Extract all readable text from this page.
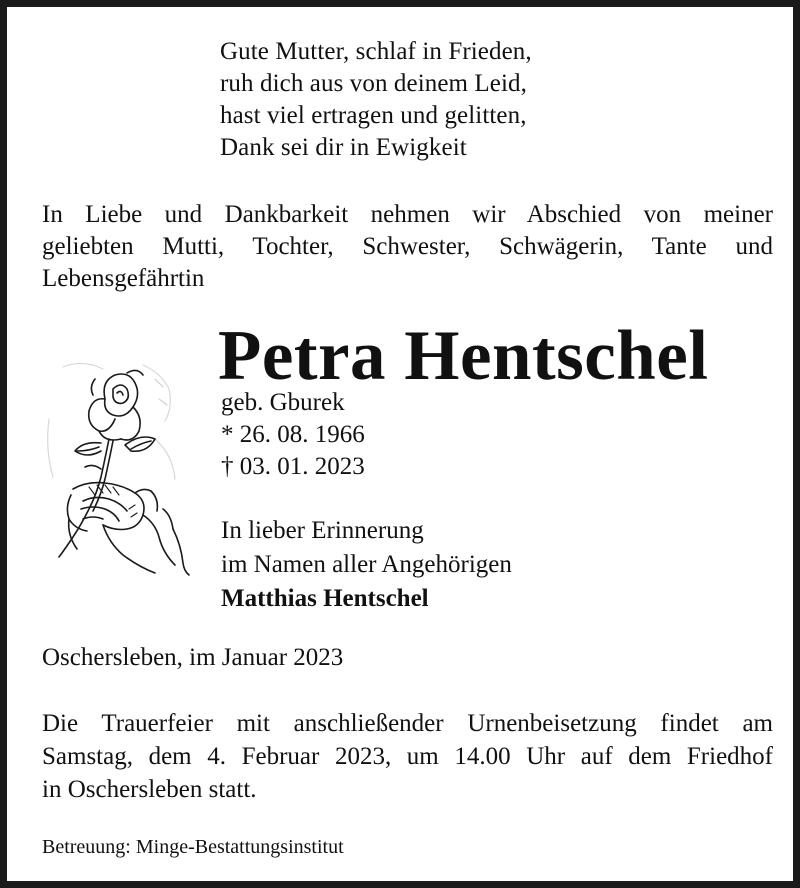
Gute Mutter, schlaf in Frieden,
ruh dich aus von deinem Leid,
hast viel ertragen und gelitten,
Dank sei dir in Ewigkeit
In Liebe und Dankbarkeit nehmen wir Abschied von meiner
geliebten Mutti, Tochter, Schwester, Schwägerin, Tante und
Lebensgefährtin
Petra Hentschel
geb. Gburek
* 26. 08. 1966
† 03. 01. 2023
In lieber Erinnerung
im Namen aller Angehörigen
Matthias Hentschel
Oschersleben, im Januar 2023
Die Trauerfeier mit anschließender Urnenbeisetzung findet am
Samstag, dem 4. Februar 2023, um 14.00 Uhr auf dem Friedhof
in Oschersleben statt.
Betreuung: Minge-Bestattungsinstitut
